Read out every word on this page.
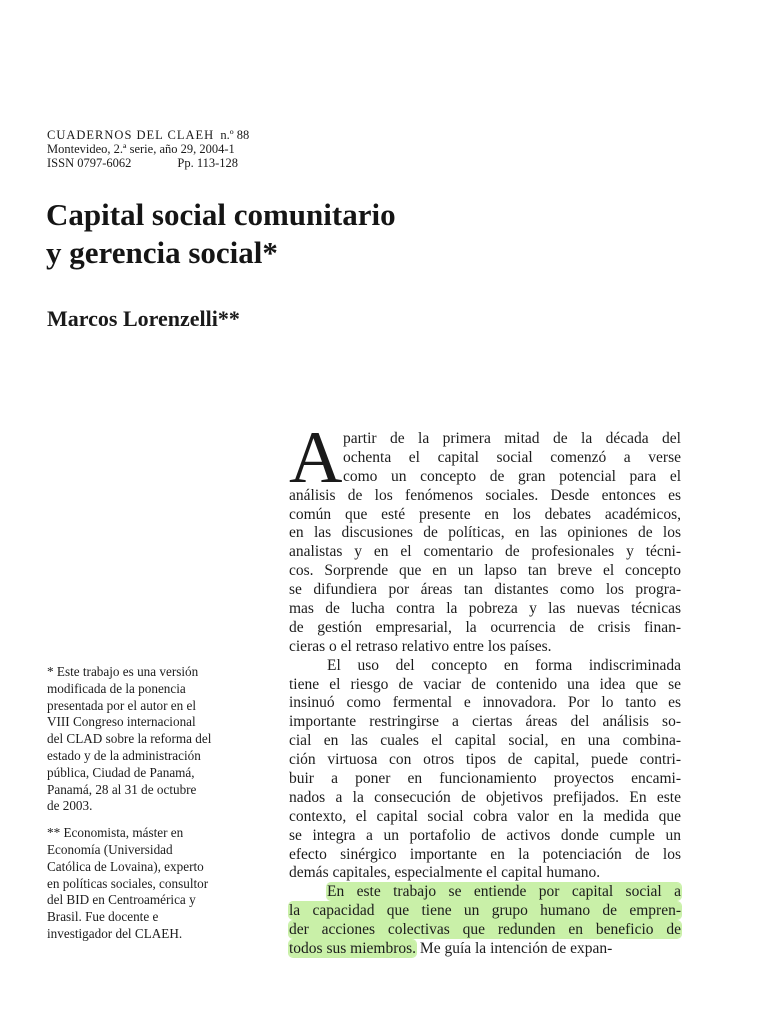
CUADERNOS DEL CLAEH n.º 88
Montevideo, 2.ª serie, año 29, 2004-1
ISSN 0797-6062	Pp. 113-128
Capital social comunitario
y gerencia social*
Marcos Lorenzelli**
A partir de la primera mitad de la década del
ochenta el capital social comenzó a verse
como un concepto de gran potencial para el
análisis de los fenómenos sociales. Desde entonces es
común que esté presente en los debates académicos,
en las discusiones de políticas, en las opiniones de los
analistas y en el comentario de profesionales y técni-
cos. Sorprende que en un lapso tan breve el concepto
se difundiera por áreas tan distantes como los progra-
mas de lucha contra la pobreza y las nuevas técnicas
de gestión empresarial, la ocurrencia de crisis finan-
cieras o el retraso relativo entre los países.
El uso del concepto en forma indiscriminada
tiene el riesgo de vaciar de contenido una idea que se
insinuó como fermental e innovadora. Por lo tanto es
importante restringirse a ciertas áreas del análisis so-
cial en las cuales el capital social, en una combina-
ción virtuosa con otros tipos de capital, puede contri-
buir a poner en funcionamiento proyectos encami-
nados a la consecución de objetivos prefijados. En este
contexto, el capital social cobra valor en la medida que
se integra a un portafolio de activos donde cumple un
efecto sinérgico importante en la potenciación de los
demás capitales, especialmente el capital humano.
En este trabajo se entiende por capital social a
la capacidad que tiene un grupo humano de empren-
der acciones colectivas que redunden en beneficio de
todos sus miembros. Me guía la intención de expan-
* Este trabajo es una versión
modificada de la ponencia
presentada por el autor en el
VIII Congreso internacional
del CLAD sobre la reforma del
estado y de la administración
pública, Ciudad de Panamá,
Panamá, 28 al 31 de octubre
de 2003.
** Economista, máster en
Economía (Universidad
Católica de Lovaina), experto
en políticas sociales, consultor
del BID en Centroamérica y
Brasil. Fue docente e
investigador del CLAEH.
